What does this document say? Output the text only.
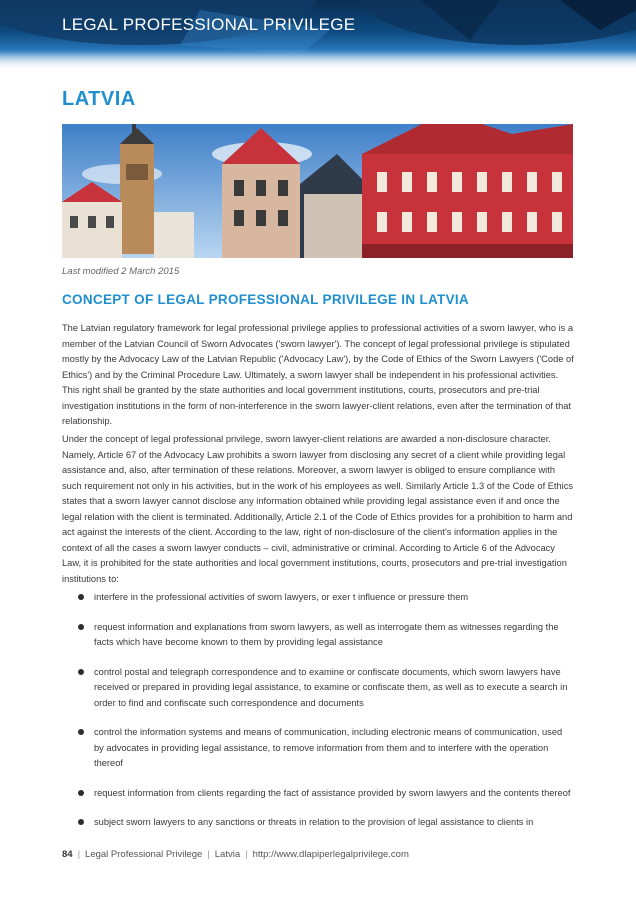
LEGAL PROFESSIONAL PRIVILEGE
LATVIA
Last modified 2 March 2015
CONCEPT OF LEGAL PROFESSIONAL PRIVILEGE IN LATVIA

The Latvian regulatory framework for legal professional privilege applies to professional activities of a sworn lawyer, who is a member of the Latvian Council of Sworn Advocates ('sworn lawyer'). The concept of legal professional privilege is stipulated mostly by the Advocacy Law of the Latvian Republic ('Advocacy Law'), by the Code of Ethics of the Sworn Lawyers ('Code of Ethics') and by the Criminal Procedure Law. Ultimately, a sworn lawyer shall be independent in his professional activities. This right shall be granted by the state authorities and local government institutions, courts, prosecutors and pre-trial investigation institutions in the form of non-interference in the sworn lawyer-client relations, even after the termination of that relationship.

Under the concept of legal professional privilege, sworn lawyer-client relations are awarded a non-disclosure character. Namely, Article 67 of the Advocacy Law prohibits a sworn lawyer from disclosing any secret of a client while providing legal assistance and, also, after termination of these relations. Moreover, a sworn lawyer is obliged to ensure compliance with such requirement not only in his activities, but in the work of his employees as well. Similarly Article 1.3 of the Code of Ethics states that a sworn lawyer cannot disclose any information obtained while providing legal assistance even if and once the legal relation with the client is terminated. Additionally, Article 2.1 of the Code of Ethics provides for a prohibition to harm and act against the interests of the client. According to the law, right of non-disclosure of the client's information applies in the context of all the cases a sworn lawyer conducts – civil, administrative or criminal. According to Article 6 of the Advocacy Law, it is prohibited for the state authorities and local government institutions, courts, prosecutors and pre-trial investigation institutions to:

interfere in the professional activities of sworn lawyers, or exer t influence or pressure them
request information and explanations from sworn lawyers, as well as interrogate them as witnesses regarding the facts which have become known to them by providing legal assistance
control postal and telegraph correspondence and to examine or confiscate documents, which sworn lawyers have received or prepared in providing legal assistance, to examine or confiscate them, as well as to execute a search in order to find and confiscate such correspondence and documents
control the information systems and means of communication, including electronic means of communication, used by advocates in providing legal assistance, to remove information from them and to interfere with the operation thereof
request information from clients regarding the fact of assistance provided by sworn lawyers and the contents thereof
subject sworn lawyers to any sanctions or threats in relation to the provision of legal assistance to clients in
84 | Legal Professional Privilege | Latvia | http://www.dlapiperlegalprivilege.com
